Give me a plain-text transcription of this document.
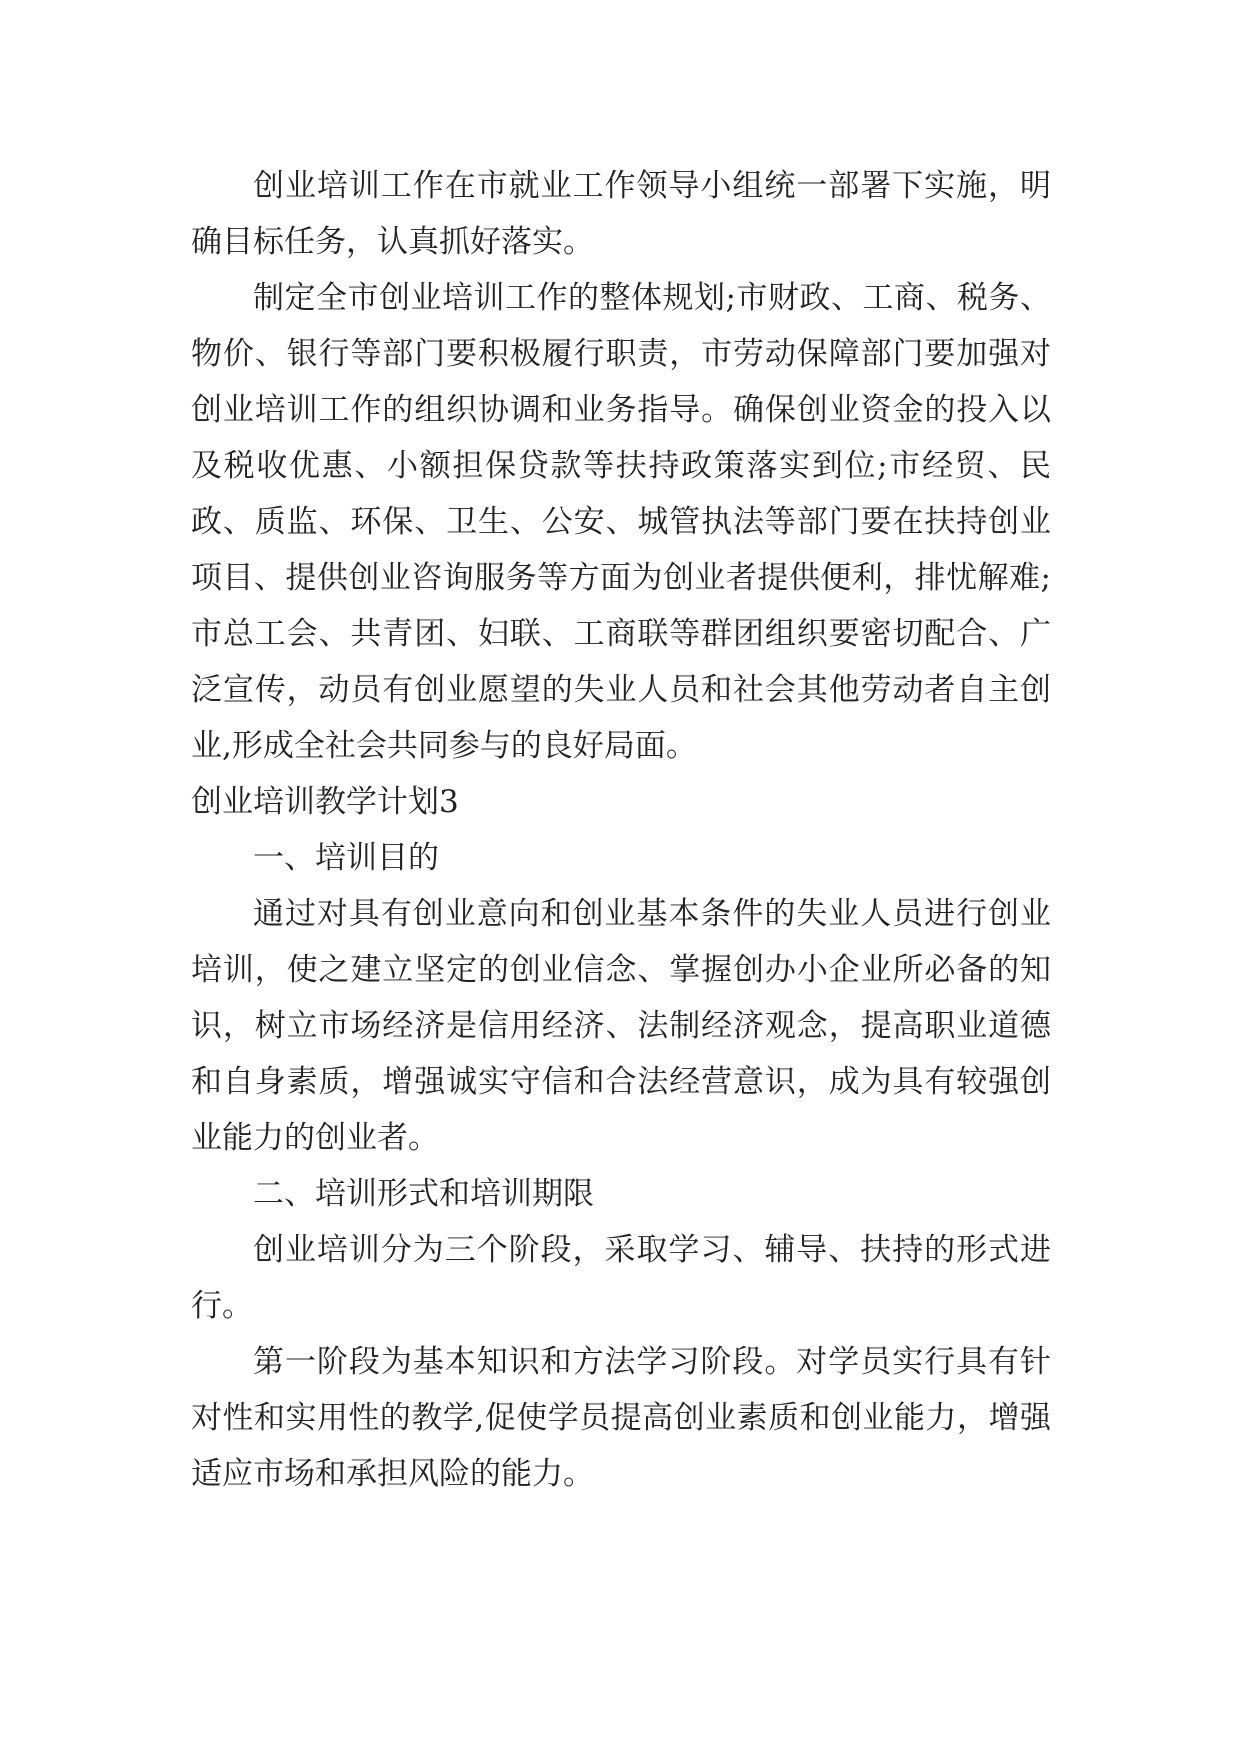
创业培训工作在市就业工作领导小组统一部署下实施，明确目标任务，认真抓好落实。

制定全市创业培训工作的整体规划;市财政、工商、税务、物价、银行等部门要积极履行职责，市劳动保障部门要加强对创业培训工作的组织协调和业务指导。确保创业资金的投入以及税收优惠、小额担保贷款等扶持政策落实到位;市经贸、民政、质监、环保、卫生、公安、城管执法等部门要在扶持创业项目、提供创业咨询服务等方面为创业者提供便利，排忧解难;市总工会、共青团、妇联、工商联等群团组织要密切配合、广泛宣传，动员有创业愿望的失业人员和社会其他劳动者自主创业,形成全社会共同参与的良好局面。

创业培训教学计划3

一、培训目的

通过对具有创业意向和创业基本条件的失业人员进行创业培训，使之建立坚定的创业信念、掌握创办小企业所必备的知识，树立市场经济是信用经济、法制经济观念，提高职业道德和自身素质，增强诚实守信和合法经营意识，成为具有较强创业能力的创业者。

二、培训形式和培训期限

创业培训分为三个阶段，采取学习、辅导、扶持的形式进行。

第一阶段为基本知识和方法学习阶段。对学员实行具有针对性和实用性的教学,促使学员提高创业素质和创业能力，增强适应市场和承担风险的能力。
